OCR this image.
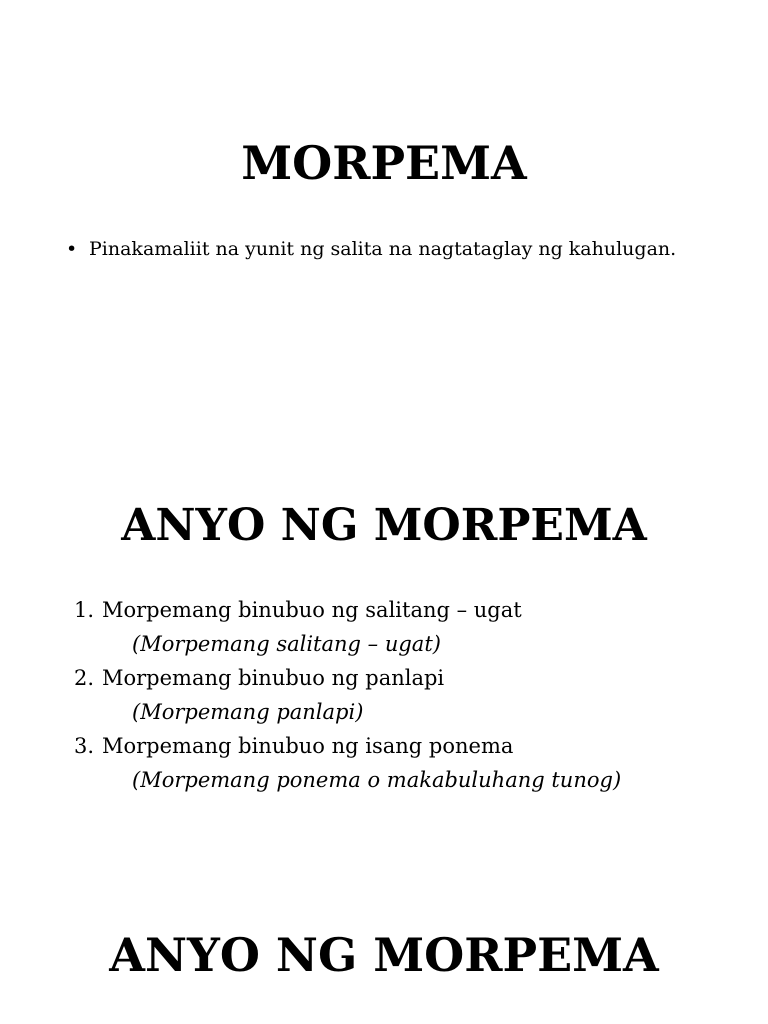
MORPEMA
• Pinakamaliit na yunit ng salita na nagtataglay ng kahulugan.
ANYO NG MORPEMA
1. Morpemang binubuo ng salitang – ugat
(Morpemang salitang – ugat)
2. Morpemang binubuo ng panlapi
(Morpemang panlapi)
3. Morpemang binubuo ng isang ponema
(Morpemang ponema o makabuluhang tunog)
ANYO NG MORPEMA
